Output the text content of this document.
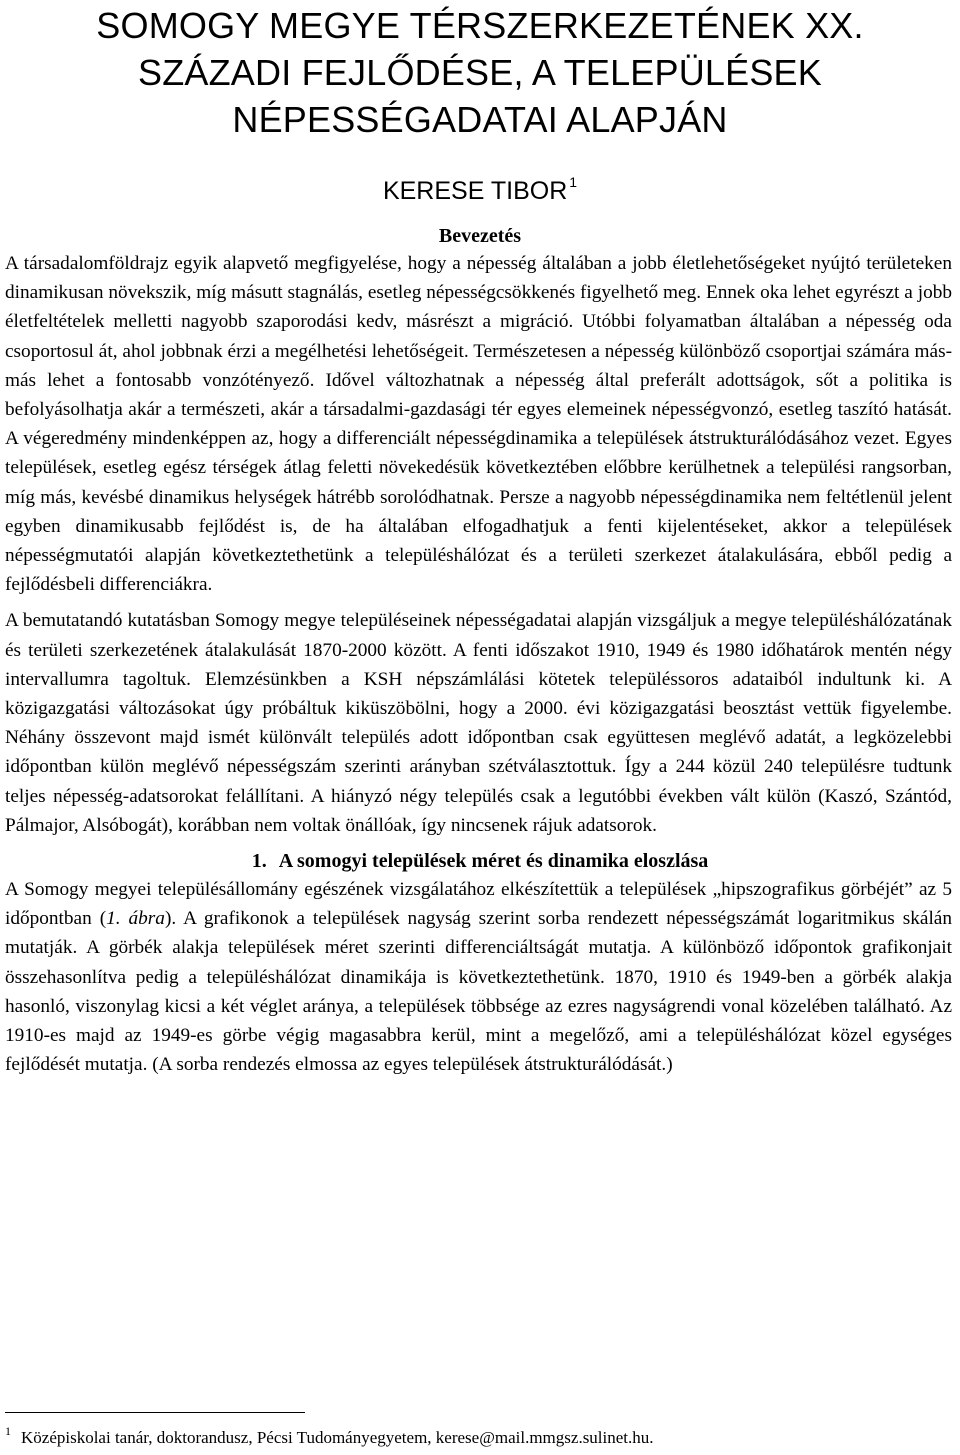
SOMOGY MEGYE TÉRSZERKEZETÉNEK XX.
SZÁZADI FEJLŐDÉSE, A TELEPÜLÉSEK
NÉPESSÉGADATAI ALAPJÁN
KERESE TIBOR $^1$
Bevezetés

A társadalomföldrajz egyik alapvető megfigyelése, hogy a népesség általában a jobb életlehetőségeket nyújtó területeken dinamikusan növekszik, míg másutt stagnálás, esetleg népességcsökkenés figyelhető meg. Ennek oka lehet egyrészt a jobb életfeltételek melletti nagyobb szaporodási kedv, másrészt a migráció. Utóbbi folyamatban általában a népesség oda csoportosul át, ahol jobbnak érzi a megélhetési lehetőségeit. Természetesen a népesség különböző csoportjai számára más-más lehet a fontosabb vonzótényező. Idővel változhatnak a népesség által preferált adottságok, sőt a politika is befolyásolhatja akár a természeti, akár a társadalmi-gazdasági tér egyes elemeinek népességvonzó, esetleg taszító hatását. A végeredmény mindenképpen az, hogy a differenciált népességdinamika a települések átstrukturálódásához vezet. Egyes települések, esetleg egész térségek átlag feletti növekedésük következtében előbbre kerülhetnek a települési rangsorban, míg más, kevésbé dinamikus helységek hátrébb sorolódhatnak. Persze a nagyobb népességdinamika nem feltétlenül jelent egyben dinamikusabb fejlődést is, de ha általában elfogadhatjuk a fenti kijelentéseket, akkor a települések népességmutatói alapján következtethetünk a településhálózat és a területi szerkezet átalakulására, ebből pedig a fejlődésbeli differenciákra.

A bemutatandó kutatásban Somogy megye településeinek népességadatai alapján vizsgáljuk a megye településhálózatának és területi szerkezetének átalakulását 1870-2000 között. A fenti időszakot 1910, 1949 és 1980 időhatárok mentén négy intervallumra tagoltuk. Elemzésünkben a KSH népszámlálási kötetek településsoros adataiból indultunk ki. A közigazgatási változásokat úgy próbáltuk kiküszöbölni, hogy a 2000. évi közigazgatási beosztást vettük figyelembe. Néhány összevont majd ismét különvált település adott időpontban csak együttesen meglévő adatát, a legközelebbi időpontban külön meglévő népességszám szerinti arányban szétválasztottuk. Így a 244 közül 240 településre tudtunk teljes népesség-adatsorokat felállítani. A hiányzó négy település csak a legutóbbi években vált külön (Kaszó, Szántód, Pálmajor, Alsóbogát), korábban nem voltak önállóak, így nincsenek rájuk adatsorok.

1. A somogyi települések méret és dinamika eloszlása

A Somogy megyei településállomány egészének vizsgálatához elkészítettük a települések „hipszografikus görbéjét” az 5 időpontban (1. ábra). A grafikonok a települések nagyság szerint sorba rendezett népességszámát logaritmikus skálán mutatják. A görbék alakja települések méret szerinti differenciáltságát mutatja. A különböző időpontok grafikonjait összehasonlítva pedig a településhálózat dinamikája is következtethetünk. 1870, 1910 és 1949-ben a görbék alakja hasonló, viszonylag kicsi a két véglet aránya, a települések többsége az ezres nagyságrendi vonal közelében található. Az 1910-es majd az 1949-es görbe végig magasabbra kerül, mint a megelőző, ami a településhálózat közel egységes fejlődését mutatja. (A sorba rendezés elmossa az egyes települések átstrukturálódását.)

$^1$ Középiskolai tanár, doktorandusz, Pécsi Tudományegyetem, kerese@mail.mmgsz.sulinet.hu.
